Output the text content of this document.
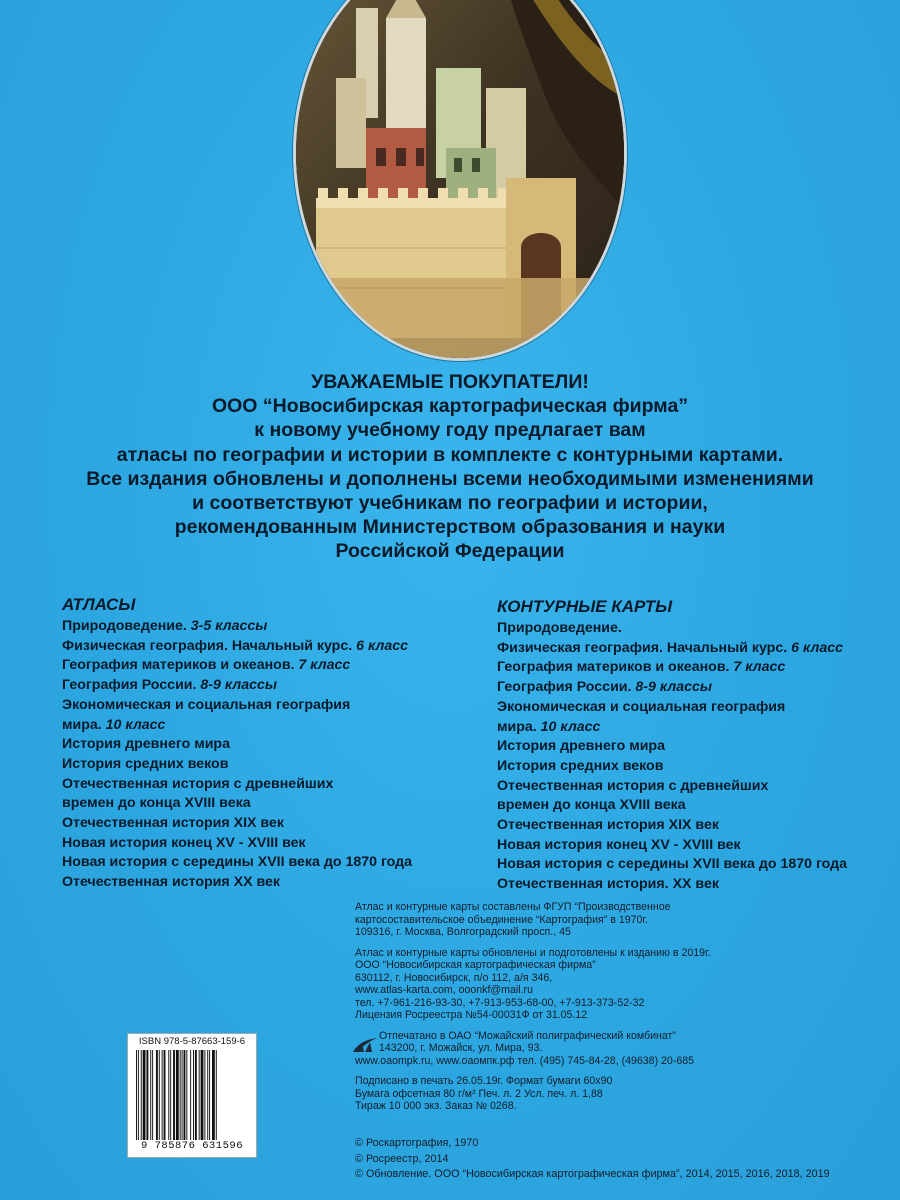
УВАЖАЕМЫЕ ПОКУПАТЕЛИ!
ООО “Новосибирская картографическая фирма”
к новому учебному году предлагает вам
атласы по географии и истории в комплекте с контурными картами.
Все издания обновлены и дополнены всеми необходимыми изменениями
и соответствуют учебникам по географии и истории,
рекомендованным Министерством образования и науки
Российской Федерации
АТЛАСЫ
Природоведение. 3-5 классы
Физическая география. Начальный курс. 6 класс
География материков и океанов. 7 класс
География России. 8-9 классы
Экономическая и социальная география
мира. 10 класс
История древнего мира
История средних веков
Отечественная история с древнейших
времен до конца XVIII века
Отечественная история XIX век
Новая история конец XV - XVIII век
Новая история с середины XVII века до 1870 года
Отечественная история XX век
КОНТУРНЫЕ КАРТЫ
Природоведение.
Физическая география. Начальный курс. 6 класс
География материков и океанов. 7 класс
География России. 8-9 классы
Экономическая и социальная география
мира. 10 класс
История древнего мира
История средних веков
Отечественная история с древнейших
времен до конца XVIII века
Отечественная история XIX век
Новая история конец XV - XVIII век
Новая история с середины XVII века до 1870 года
Отечественная история. XX век
Атлас и контурные карты составлены ФГУП “Производственное
картосоставительское объединение “Картография” в 1970г.
109316, г. Москва, Волгоградский просп., 45
Атлас и контурные карты обновлены и подготовлены к изданию в 2019г.
ООО “Новосибирская картографическая фирма”
630112, г. Новосибирск, п/о 112, а/я 346,
www.atlas-karta.com, ooonkf@mail.ru
тел. +7-961-216-93-30, +7-913-953-68-00, +7-913-373-52-32
Лицензия Росреестра №54-00031Ф от 31.05.12
Отпечатано в ОАО “Можайский полиграфический комбинат”
143200, г. Можайск, ул. Мира, 93.
www.oaompk.ru, www.оаомпк.рф тел. (495) 745-84-28, (49638) 20-685
Подписано в печать 26.05.19г. Формат бумаги 60х90
Бумага офсетная 80 г/м² Печ. л. 2 Усл. печ. л. 1,88
Тираж 10 000 экз. Заказ № 0268.
ISBN 978-5-87663-159-6
9 785876 631596	© Роскартография, 1970
© Росреестр, 2014
© Обновление. ООО “Новосибирская картографическая фирма”, 2014, 2015, 2016, 2018, 2019
